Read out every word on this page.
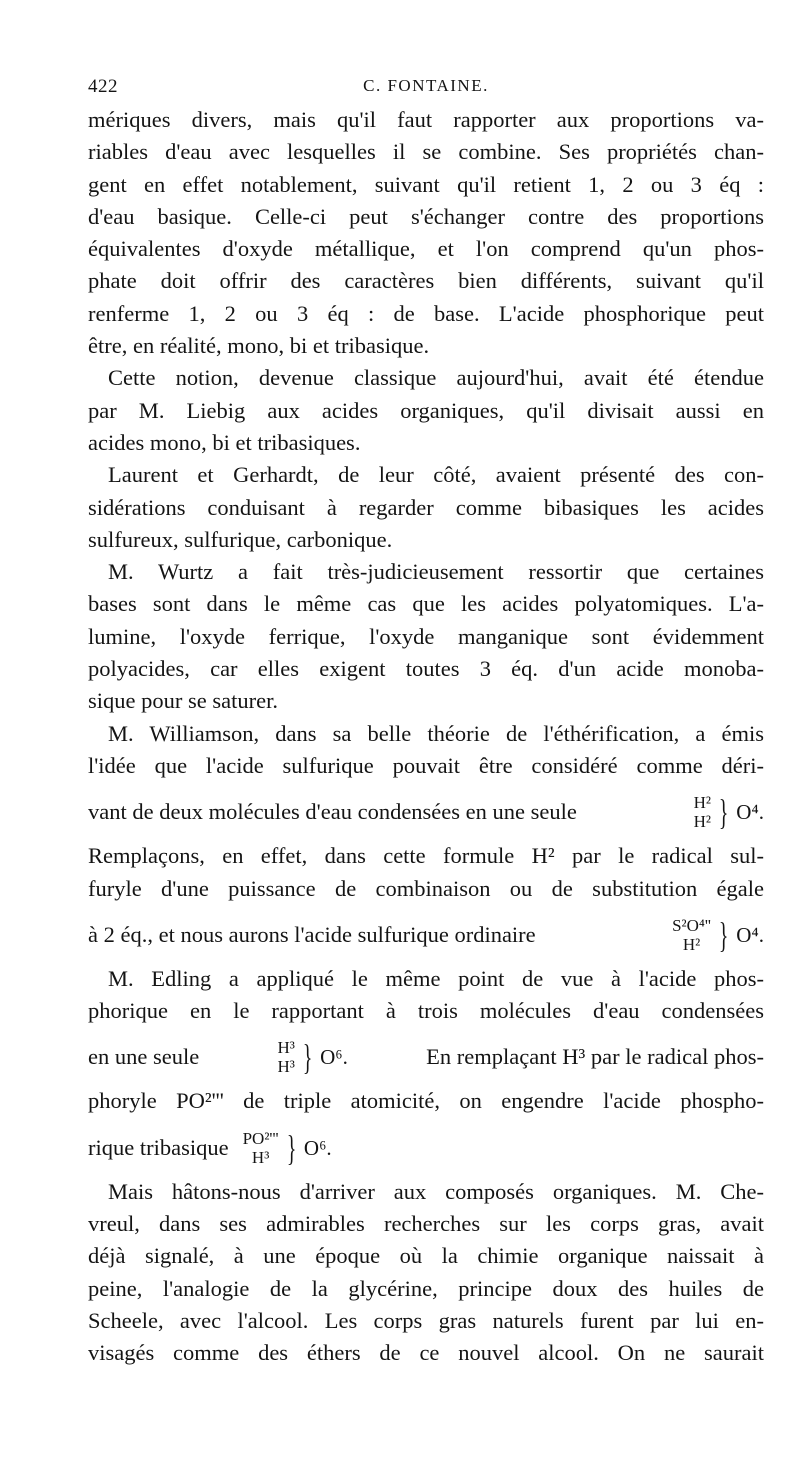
422	C. FONTAINE.
mériques divers, mais qu'il faut rapporter aux proportions va-
riables d'eau avec lesquelles il se combine. Ses propriétés chan-
gent en effet notablement, suivant qu'il retient 1, 2 ou 3 éq :
d'eau basique. Celle-ci peut s'échanger contre des proportions
équivalentes d'oxyde métallique, et l'on comprend qu'un phos-
phate doit offrir des caractères bien différents, suivant qu'il
renferme 1, 2 ou 3 éq : de base. L'acide phosphorique peut
être, en réalité, mono, bi et tribasique.
Cette notion, devenue classique aujourd'hui, avait été étendue
par M. Liebig aux acides organiques, qu'il divisait aussi en
acides mono, bi et tribasiques.
Laurent et Gerhardt, de leur côté, avaient présenté des con-
sidérations conduisant à regarder comme bibasiques les acides
sulfureux, sulfurique, carbonique.
M. Wurtz a fait très-judicieusement ressortir que certaines
bases sont dans le même cas que les acides polyatomiques. L'a-
lumine, l'oxyde ferrique, l'oxyde manganique sont évidemment
polyacides, car elles exigent toutes 3 éq. d'un acide monoba-
sique pour se saturer.
M. Williamson, dans sa belle théorie de l'éthérification, a émis
l'idée que l'acide sulfurique pouvait être considéré comme déri-
vant de deux molécules d'eau condensées en une seule	H²
H² } O⁴.
Remplaçons, en effet, dans cette formule H² par le radical sul-
furyle d'une puissance de combinaison ou de substitution égale
à 2 éq., et nous aurons l'acide sulfurique ordinaire	S²O⁴''
H² } O⁴.
M. Edling a appliqué le même point de vue à l'acide phos-
phorique en le rapportant à trois molécules d'eau condensées
en une seule	H³
H³ } O⁶.	En remplaçant H³ par le radical phos-
phoryle PO²''' de triple atomicité, on engendre l'acide phospho-
rique tribasique PO²'''
H³ } O⁶.
Mais hâtons-nous d'arriver aux composés organiques. M. Che-
vreul, dans ses admirables recherches sur les corps gras, avait
déjà signalé, à une époque où la chimie organique naissait à
peine, l'analogie de la glycérine, principe doux des huiles de
Scheele, avec l'alcool. Les corps gras naturels furent par lui en-
visagés comme des éthers de ce nouvel alcool. On ne saurait
